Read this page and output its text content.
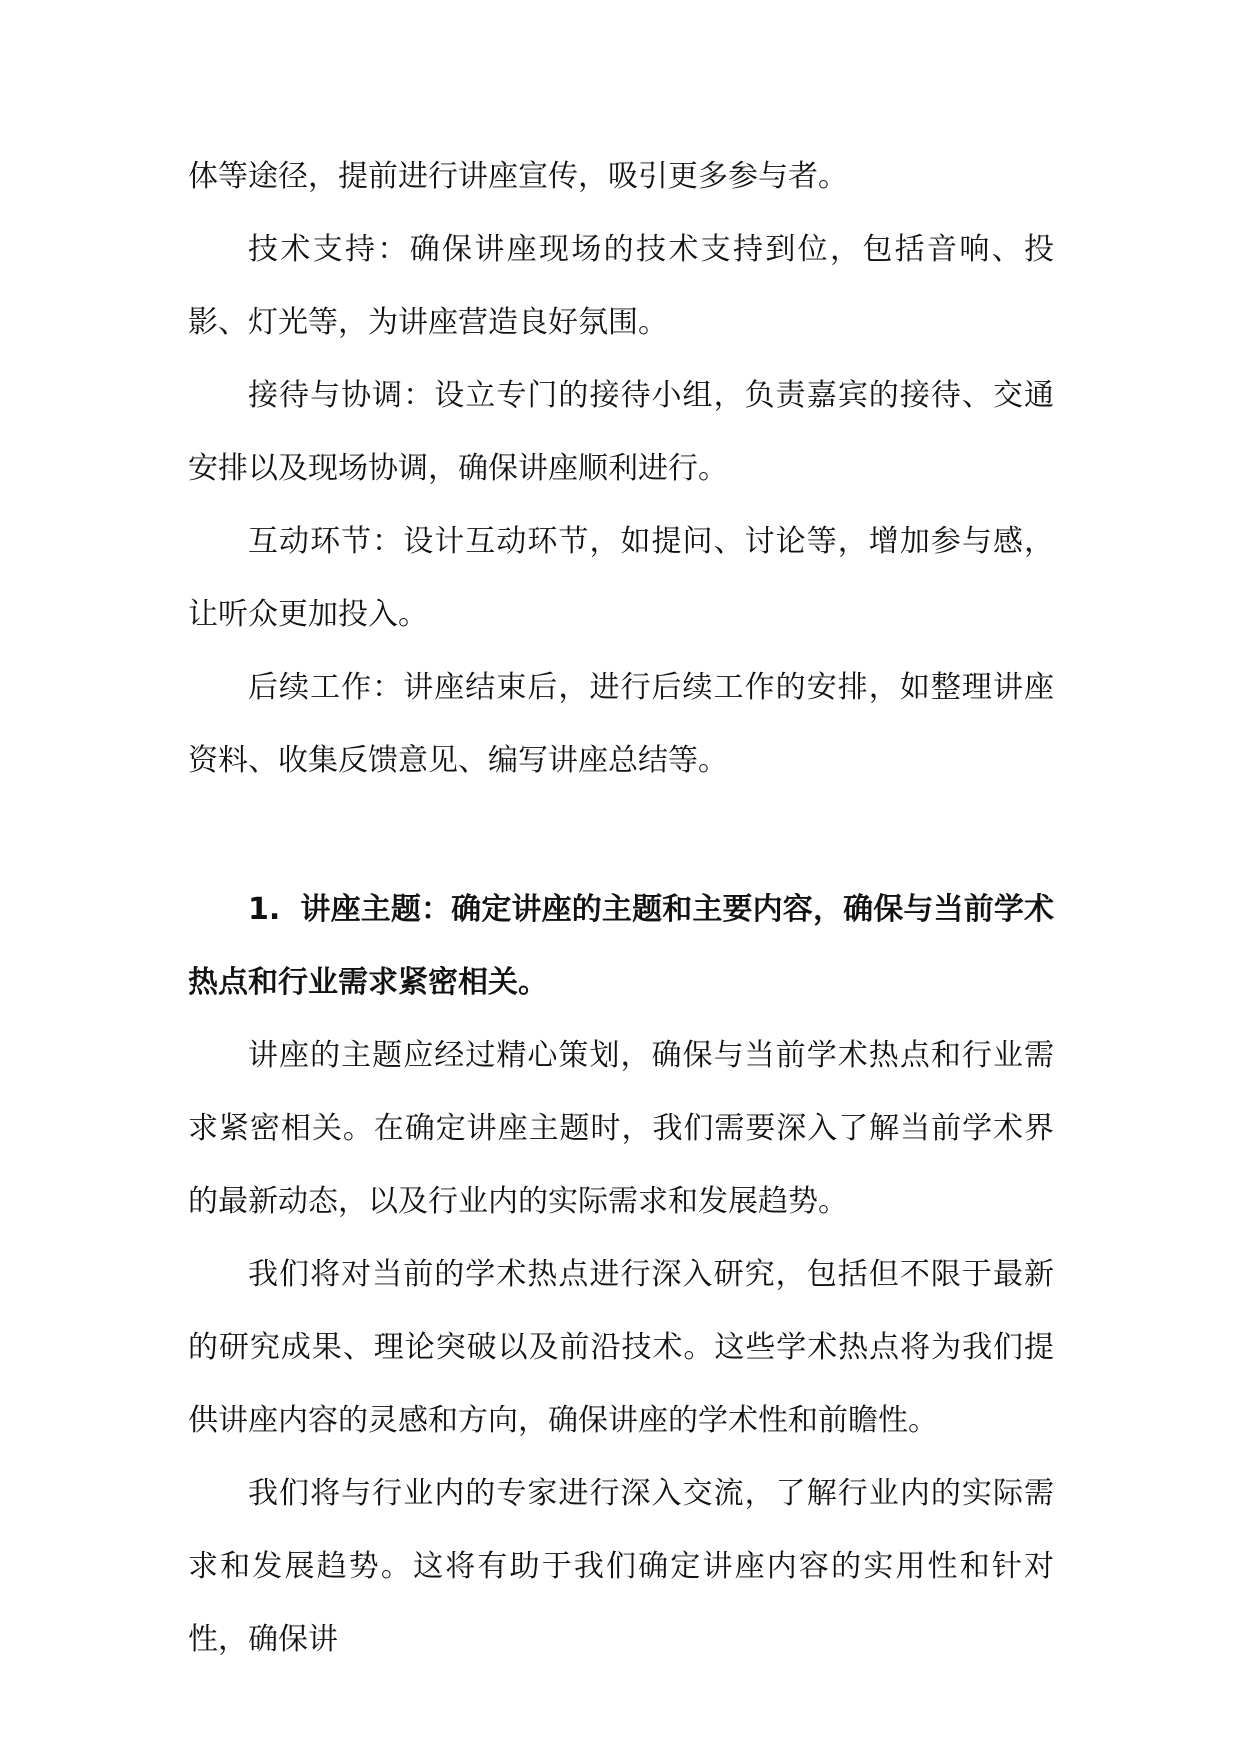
体等途径，提前进行讲座宣传，吸引更多参与者。

技术支持：确保讲座现场的技术支持到位，包括音响、投影、灯光等，为讲座营造良好氛围。

接待与协调：设立专门的接待小组，负责嘉宾的接待、交通安排以及现场协调，确保讲座顺利进行。

互动环节：设计互动环节，如提问、讨论等，增加参与感，让听众更加投入。

后续工作：讲座结束后，进行后续工作的安排，如整理讲座资料、收集反馈意见、编写讲座总结等。

1. 讲座主题：确定讲座的主题和主要内容，确保与当前学术热点和行业需求紧密相关。

讲座的主题应经过精心策划，确保与当前学术热点和行业需求紧密相关。在确定讲座主题时，我们需要深入了解当前学术界的最新动态，以及行业内的实际需求和发展趋势。

我们将对当前的学术热点进行深入研究，包括但不限于最新的研究成果、理论突破以及前沿技术。这些学术热点将为我们提供讲座内容的灵感和方向，确保讲座的学术性和前瞻性。

我们将与行业内的专家进行深入交流，了解行业内的实际需求和发展趋势。这将有助于我们确定讲座内容的实用性和针对性，确保讲
